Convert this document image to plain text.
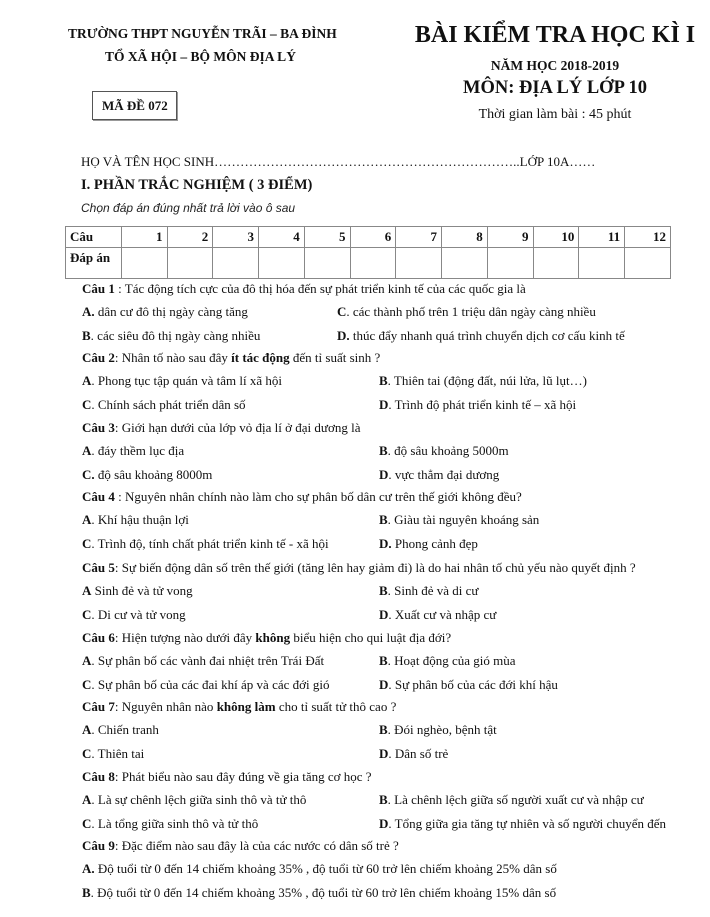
TRƯỜNG THPT NGUYỄN TRÃI – BA ĐÌNH
TỔ XÃ HỘI – BỘ MÔN ĐỊA LÝ
MÃ ĐỀ 072
BÀI KIỂM TRA HỌC KÌ I
NĂM HỌC 2018-2019
MÔN: ĐỊA LÝ LỚP 10
Thời gian làm bài : 45 phút
HỌ VÀ TÊN HỌC SINH……………………………………………………………..LỚP 10A……
I. PHẦN TRẮC NGHIỆM ( 3 ĐIỂM)
Chọn đáp án đúng nhất trả lời vào ô sau
Câu	1	2	3	4	5	6	7	8	9	10	11	12
Đáp án												
Câu 1 : Tác động tích cực của đô thị hóa đến sự phát triển kinh tế của các quốc gia là
A. dân cư đô thị ngày càng tăng	C. các thành phố trên 1 triệu dân ngày càng nhiều
B. các siêu đô thị ngày càng nhiều	D. thúc đẩy nhanh quá trình chuyển dịch cơ cấu kinh tế
Câu 2: Nhân tố nào sau đây ít tác động đến tỉ suất sinh ?
A. Phong tục tập quán và tâm lí xã hội	B. Thiên tai (động đất, núi lửa, lũ lụt…)
C. Chính sách phát triển dân số	D. Trình độ phát triển kinh tế – xã hội
Câu 3: Giới hạn dưới của lớp vỏ địa lí ở đại dương là
A. đáy thềm lục địa	B. độ sâu khoảng 5000m
C. độ sâu khoảng 8000m	D. vực thẳm đại dương
Câu 4 : Nguyên nhân chính nào làm cho sự phân bố dân cư trên thế giới không đều?
A. Khí hậu thuận lợi	B. Giàu tài nguyên khoáng sản
C. Trình độ, tính chất phát triển kinh tế - xã hội	D. Phong cảnh đẹp
Câu 5: Sự biến động dân số trên thế giới (tăng lên hay giảm đi) là do hai nhân tố chủ yếu nào quyết định ?
A Sinh đẻ và tử vong	B. Sinh đẻ và di cư
C. Di cư và tử vong	D. Xuất cư và nhập cư
Câu 6: Hiện tượng nào dưới đây không biểu hiện cho qui luật địa đới?
A. Sự phân bố các vành đai nhiệt trên Trái Đất	B. Hoạt động của gió mùa
C. Sự phân bố của các đai khí áp và các đới gió	D. Sự phân bố của các đới khí hậu
Câu 7: Nguyên nhân nào không làm cho tỉ suất tử thô cao ?
A. Chiến tranh	B. Đói nghèo, bệnh tật
C. Thiên tai	D. Dân số trẻ
Câu 8: Phát biểu nào sau đây đúng về gia tăng cơ học ?
A. Là sự chênh lệch giữa sinh thô và tử thô	B. Là chênh lệch giữa số người xuất cư và nhập cư
C. Là tổng giữa sinh thô và tử thô	D. Tổng giữa gia tăng tự nhiên và số người chuyển đến
Câu 9: Đặc điểm nào sau đây là của các nước có dân số trẻ ?
A. Độ tuổi từ 0 đến 14 chiếm khoảng 35% , độ tuổi từ 60 trở lên chiếm khoảng 25% dân số
B. Độ tuổi từ 0 đến 14 chiếm khoảng 35% , độ tuổi từ 60 trở lên chiếm khoảng 15% dân số
